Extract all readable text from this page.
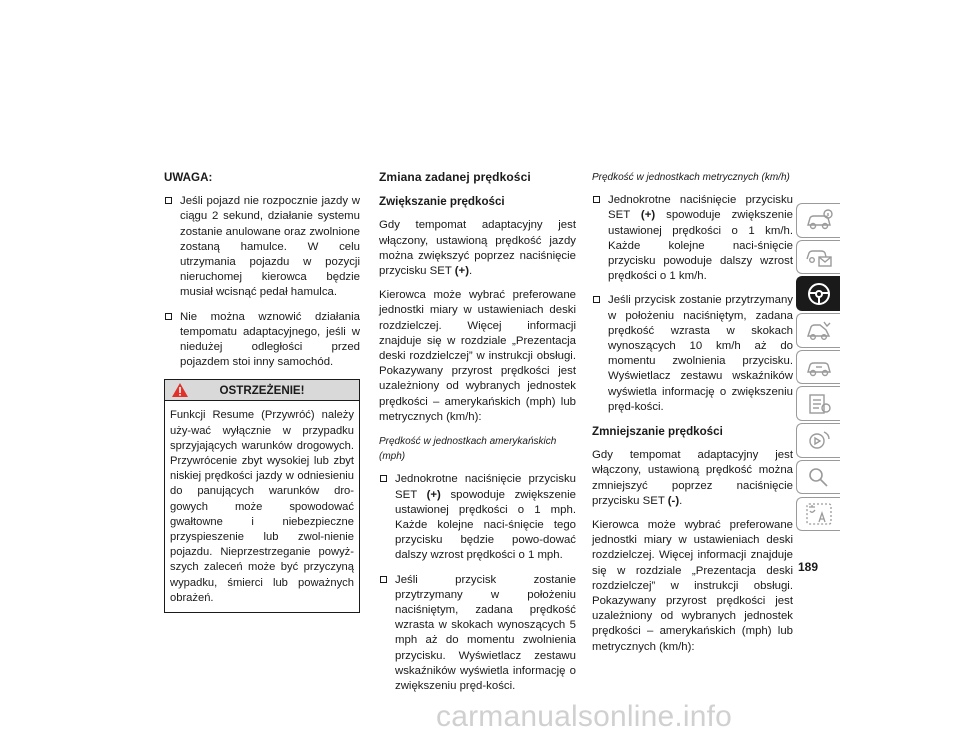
UWAGA:
Jeśli pojazd nie rozpocznie jazdy w ciągu 2 sekund, działanie systemu zostanie anulowane oraz zwolnione zostaną hamulce. W celu utrzymania pojazdu w pozycji nieruchomej kierowca będzie musiał wcisnąć pedał hamulca.
Nie można wznowić działania tempomatu adaptacyjnego, jeśli w niedużej odległości przed pojazdem stoi inny samochód.
OSTRZEŻENIE!
Funkcji Resume (Przywróć) należy uży-wać wyłącznie w przypadku sprzyjających warunków drogowych. Przywrócenie zbyt wysokiej lub zbyt niskiej prędkości jazdy w odniesieniu do panujących warunków dro-gowych może spowodować gwałtowne i niebezpieczne przyspieszenie lub zwol-nienie pojazdu. Nieprzestrzeganie powyż-szych zaleceń może być przyczyną wypadku, śmierci lub poważnych obrażeń.
Zmiana zadanej prędkości
Zwiększanie prędkości

Gdy tempomat adaptacyjny jest włączony, ustawioną prędkość jazdy można zwiększyć poprzez naciśnięcie przycisku SET (+).

Kierowca może wybrać preferowane jednostki miary w ustawieniach deski rozdzielczej. Więcej informacji znajduje się w rozdziale „Prezentacja deski rozdzielczej” w instrukcji obsługi. Pokazywany przyrost prędkości jest uzależniony od wybranych jednostek prędkości – amerykańskich (mph) lub metrycznych (km/h):

Prędkość w jednostkach amerykańskich (mph)
Jednokrotne naciśnięcie przycisku SET (+) spowoduje zwiększenie ustawionej prędkości o 1 mph. Każde kolejne naci-śnięcie tego przycisku będzie powo-dować dalszy wzrost prędkości o 1 mph.
Jeśli przycisk zostanie przytrzymany w położeniu naciśniętym, zadana prędkość wzrasta w skokach wynoszących 5 mph aż do momentu zwolnienia przycisku. Wyświetlacz zestawu wskaźników wyświetla informację o zwiększeniu pręd-kości.
Prędkość w jednostkach metrycznych (km/h)
Jednokrotne naciśnięcie przycisku SET (+) spowoduje zwiększenie ustawionej prędkości o 1 km/h. Każde kolejne naci-śnięcie przycisku powoduje dalszy wzrost prędkości o 1 km/h.
Jeśli przycisk zostanie przytrzymany w położeniu naciśniętym, zadana prędkość wzrasta w skokach wynoszących 10 km/h aż do momentu zwolnienia przycisku. Wyświetlacz zestawu wskaźników wyświetla informację o zwiększeniu pręd-kości.
Zmniejszanie prędkości

Gdy tempomat adaptacyjny jest włączony, ustawioną prędkość można zmniejszyć poprzez naciśnięcie przycisku SET (-).

Kierowca może wybrać preferowane jednostki miary w ustawieniach deski rozdzielczej. Więcej informacji znajduje się w rozdziale „Prezentacja deski rozdzielczej” w instrukcji obsługi. Pokazywany przyrost prędkości jest uzależniony od wybranych jednostek prędkości – amerykańskich (mph) lub metrycznych (km/h):

189
carmanualsonline.info
